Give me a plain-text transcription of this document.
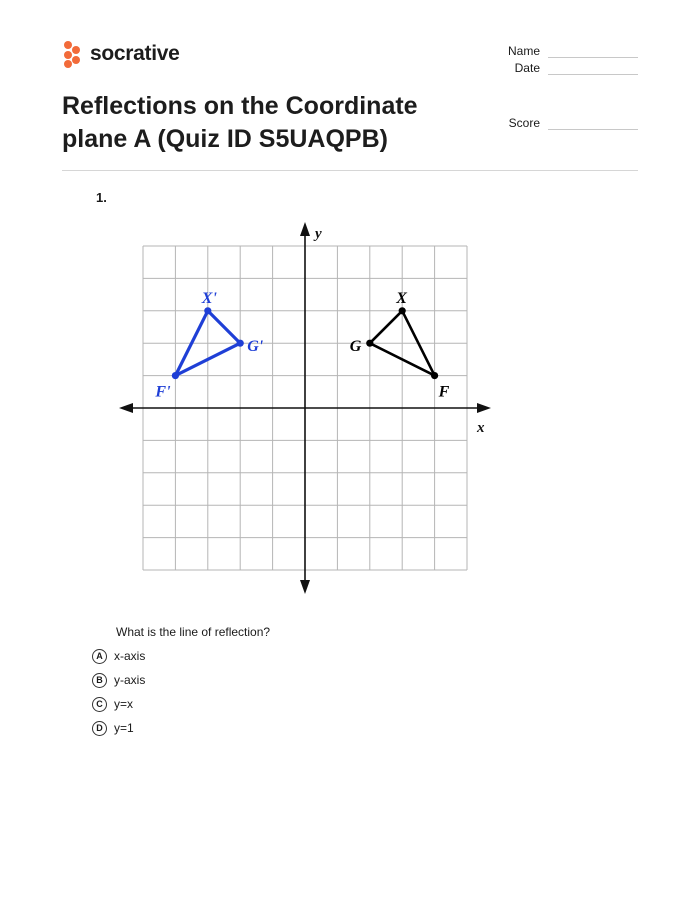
socrative	Name
Date
Score
Reflections on the Coordinate plane A (Quiz ID S5UAQPB)
1.
x
y
X
G
F
X'
G'
F'
What is the line of reflection?
A x-axis
B y-axis
C y=x
D y=1
